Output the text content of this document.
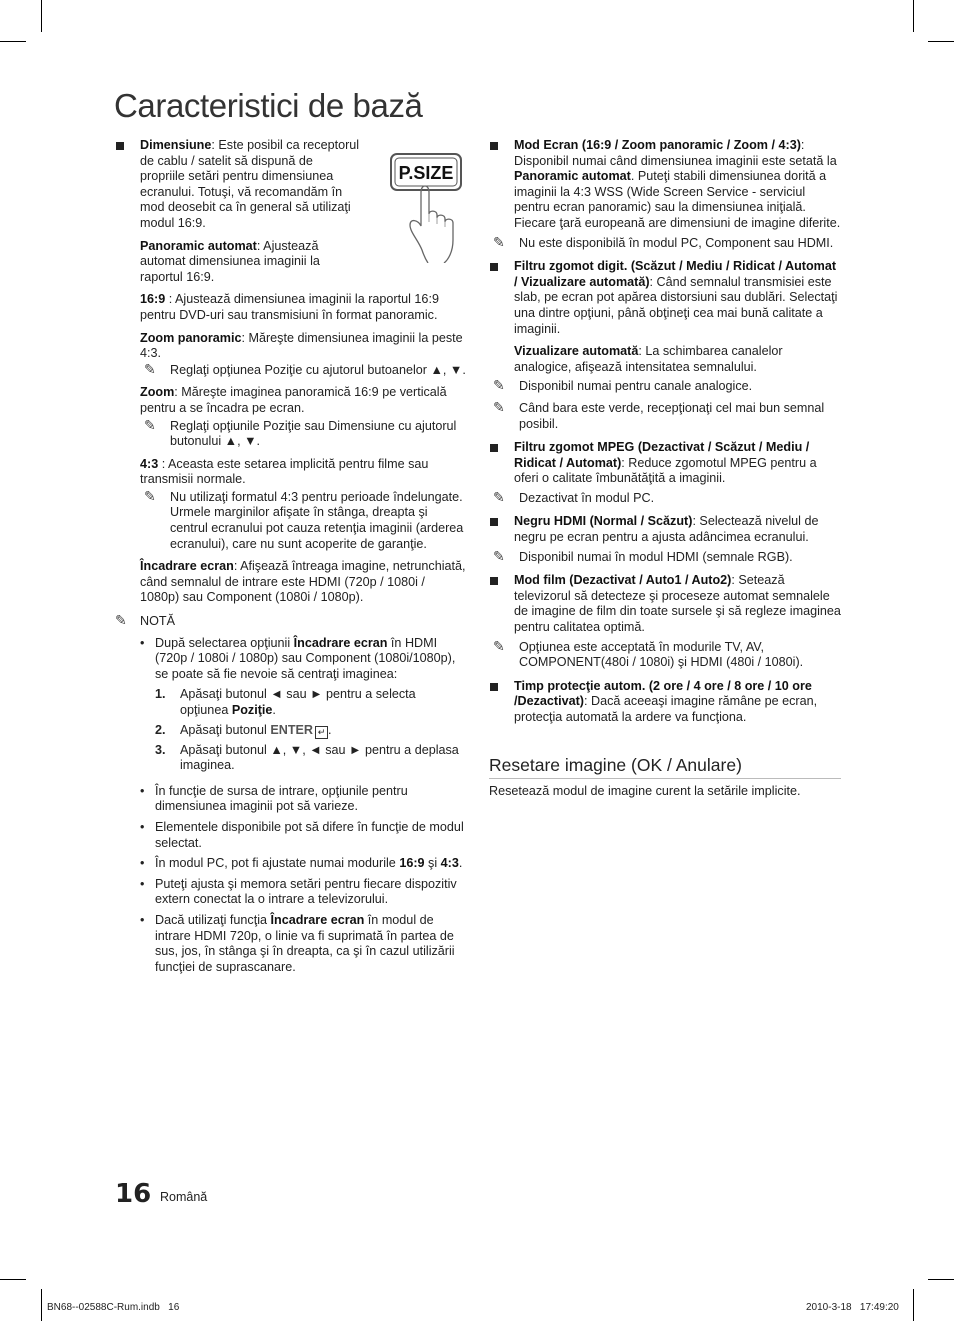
Caracteristici de bază
P.SIZE
Dimensiune: Este posibil ca receptorul de cablu / satelit să dispună de propriile setări pentru dimensiunea ecranului. Totuşi, vă recomandăm în mod deosebit ca în general să utilizaţi modul 16:9.

Panoramic automat: Ajustează automat dimensiunea imaginii la raportul 16:9.

16:9 : Ajustează dimensiunea imaginii la raportul 16:9 pentru DVD-uri sau transmisiuni în format panoramic.

Zoom panoramic: Măreşte dimensiunea imaginii la peste 4:3.

✎ Reglaţi opţiunea Poziţie cu ajutorul butoanelor ▲, ▼.

Zoom: Măreşte imaginea panoramică 16:9 pe verticală pentru a se încadra pe ecran.

✎ Reglaţi opţiunile Poziţie sau Dimensiune cu ajutorul butonului ▲, ▼.

4:3 : Aceasta este setarea implicită pentru filme sau transmisii normale.

✎ Nu utilizaţi formatul 4:3 pentru perioade îndelungate. Urmele marginilor afişate în stânga, dreapta şi centrul ecranului pot cauza retenţia imaginii (arderea ecranului), care nu sunt acoperite de garanţie.

Încadrare ecran: Afişează întreaga imagine, netrunchiată, când semnalul de intrare este HDMI (720p / 1080i / 1080p) sau Component (1080i / 1080p).

✎ NOTĂ
• După selectarea opţiunii Încadrare ecran în HDMI (720p / 1080i / 1080p) sau Component (1080i/1080p), se poate să fie nevoie să centraţi imaginea:
1. Apăsaţi butonul ◄ sau ► pentru a selecta opţiunea Poziţie.
2. Apăsaţi butonul ENTER ↵ .
3. Apăsaţi butonul ▲, ▼, ◄ sau ► pentru a deplasa imaginea.
• În funcţie de sursa de intrare, opţiunile pentru dimensiunea imaginii pot să varieze.
• Elementele disponibile pot să difere în funcţie de modul selectat.
• În modul PC, pot fi ajustate numai modurile 16:9 şi 4:3.
• Puteţi ajusta şi memora setări pentru fiecare dispozitiv extern conectat la o intrare a televizorului.
• Dacă utilizaţi funcţia Încadrare ecran în modul de intrare HDMI 720p, o linie va fi suprimată în partea de sus, jos, în stânga şi în dreapta, ca şi în cazul utilizării funcţiei de suprascanare.
Mod Ecran (16:9 / Zoom panoramic / Zoom / 4:3): Disponibil numai când dimensiunea imaginii este setată la Panoramic automat. Puteţi stabili dimensiunea dorită a imaginii la 4:3 WSS (Wide Screen Service - serviciul pentru ecran panoramic) sau la dimensiunea iniţială. Fiecare ţară europeană are dimensiuni de imagine diferite.
✎ Nu este disponibilă în modul PC, Component sau HDMI.
Filtru zgomot digit. (Scăzut / Mediu / Ridicat / Automat / Vizualizare automată): Când semnalul transmisiei este slab, pe ecran pot apărea distorsiuni sau dublări. Selectaţi una dintre opţiuni, până obţineţi cea mai bună calitate a imaginii.

Vizualizare automată: La schimbarea canalelor analogice, afişează intensitatea semnalului.

✎ Disponibil numai pentru canale analogice.
✎ Când bara este verde, recepţionaţi cel mai bun semnal posibil.
Filtru zgomot MPEG (Dezactivat / Scăzut / Mediu / Ridicat / Automat): Reduce zgomotul MPEG pentru a oferi o calitate îmbunătăţită a imaginii.
✎ Dezactivat în modul PC.
Negru HDMI (Normal / Scăzut): Selectează nivelul de negru pe ecran pentru a ajusta adâncimea ecranului.
✎ Disponibil numai în modul HDMI (semnale RGB).
Mod film (Dezactivat / Auto1 / Auto2): Setează televizorul să detecteze şi proceseze automat semnalele de imagine de film din toate sursele şi să regleze imaginea pentru calitatea optimă.
✎ Opţiunea este acceptată în modurile TV, AV, COMPONENT(480i / 1080i) şi HDMI (480i / 1080i).
Timp protecţie autom. (2 ore / 4 ore / 8 ore / 10 ore /Dezactivat): Dacă aceeaşi imagine rămâne pe ecran, protecţia automată la ardere va funcţiona.
Resetare imagine (OK / Anulare)

Resetează modul de imagine curent la setările implicite.

16 Română
BN68--02588C-Rum.indb   16	2010-3-18   17:49:20
